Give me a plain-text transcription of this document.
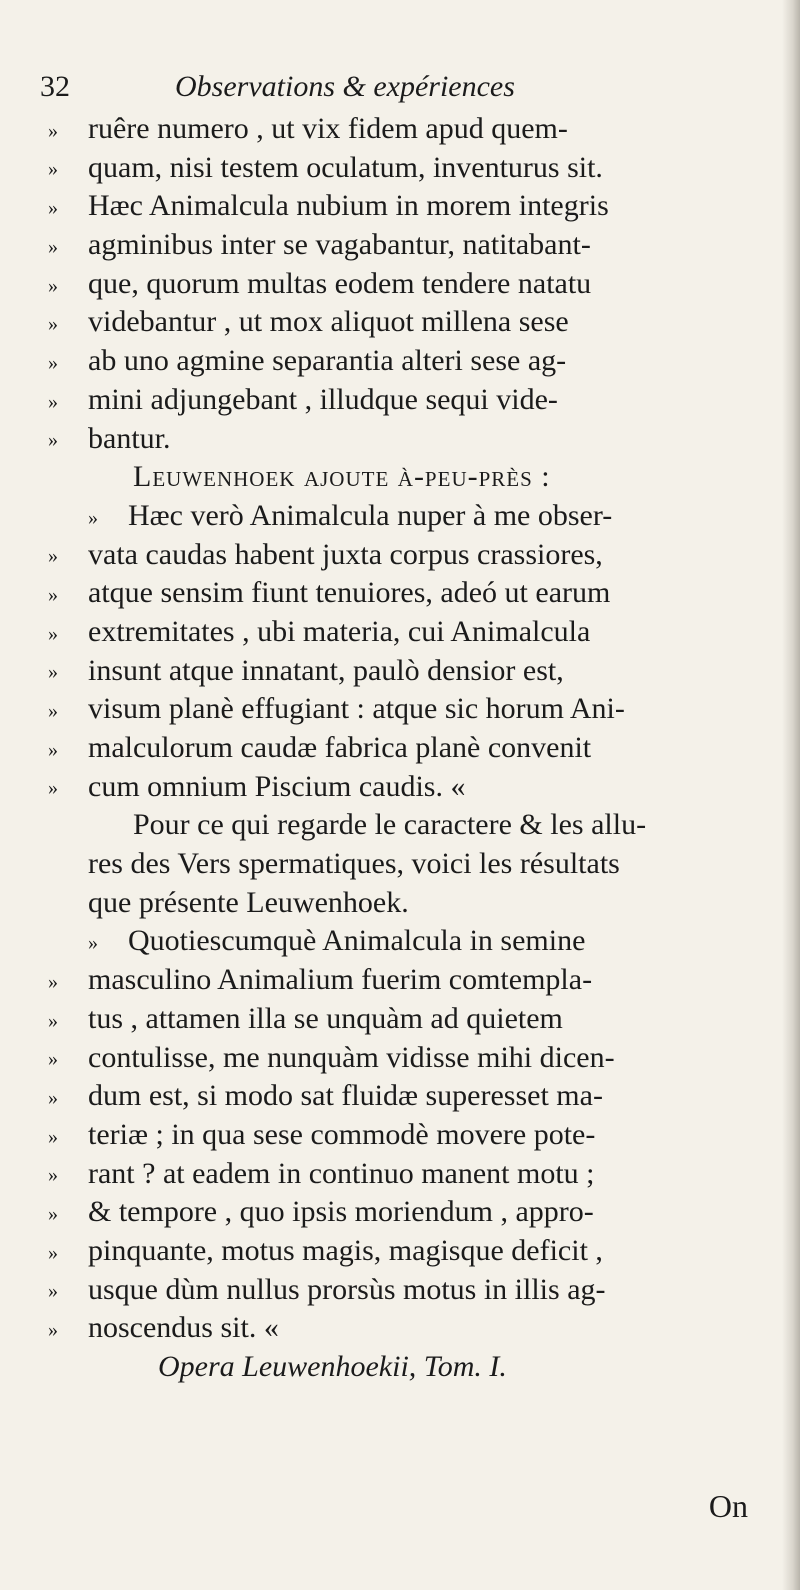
32	Observations & expériences
» ruêre numero , ut vix fidem apud quem-
» quam, nisi testem oculatum, inventurus sit.
» Hæc Animalcula nubium in morem integris
» agminibus inter se vagabantur, natitabant-
» que, quorum multas eodem tendere natatu
» videbantur , ut mox aliquot millena sese
» ab uno agmine separantia alteri sese ag-
» mini adjungebant , illudque sequi vide-
» bantur.
Leuwenhoek ajoute à-peu-près :
» Hæc verò Animalcula nuper à me obser-
» vata caudas habent juxta corpus crassiores,
» atque sensim fiunt tenuiores, adeó ut earum
» extremitates , ubi materia, cui Animalcula
» insunt atque innatant, paulò densior est,
» visum planè effugiant : atque sic horum Ani-
» malculorum caudæ fabrica planè convenit
» cum omnium Piscium caudis. «
Pour ce qui regarde le caractere & les allu-
res des Vers spermatiques, voici les résultats
que présente Leuwenhoek.
» Quotiescumquè Animalcula in semine
» masculino Animalium fuerim comtempla-
» tus , attamen illa se unquàm ad quietem
» contulisse, me nunquàm vidisse mihi dicen-
» dum est, si modo sat fluidæ superesset ma-
» teriæ ; in qua sese commodè movere pote-
» rant ? at eadem in continuo manent motu ;
» & tempore , quo ipsis moriendum , appro-
» pinquante, motus magis, magisque deficit ,
» usque dùm nullus prorsùs motus in illis ag-
» noscendus sit. «
Opera Leuwenhoekii, Tom. I.
On
